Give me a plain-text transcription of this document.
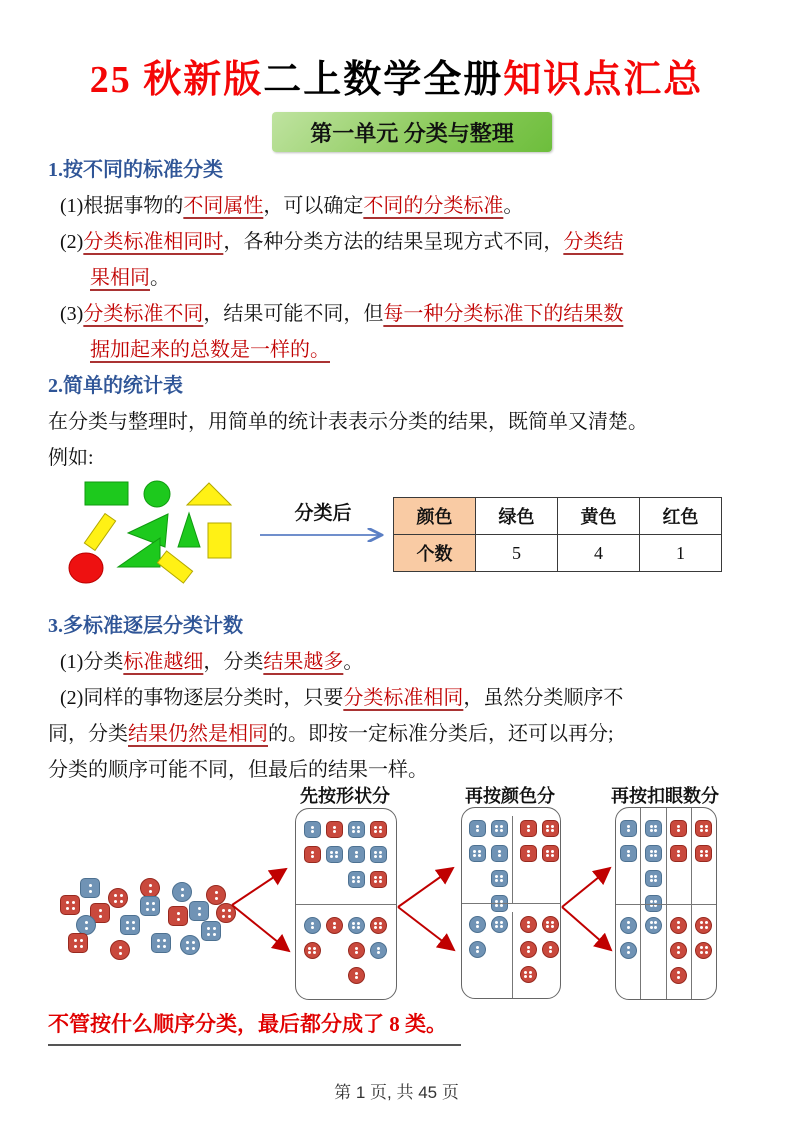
25 秋新版二上数学全册知识点汇总
第一单元 分类与整理

1.按不同的标准分类

(1)根据事物的不同属性，可以确定不同的分类标准。

(2)分类标准相同时，各种分类方法的结果呈现方式不同，分类结

果相同。

(3)分类标准不同，结果可能不同，但每一种分类标准下的结果数

据加起来的总数是一样的。

2.简单的统计表

在分类与整理时，用简单的统计表表示分类的结果，既简单又清楚。

例如:

分类后	颜色	绿色	黄色	红色
个数	5	4	1

3.多标准逐层分类计数

(1)分类标准越细，分类结果越多。

(2)同样的事物逐层分类时，只要分类标准相同，虽然分类顺序不

同，分类结果仍然是相同的。即按一定标准分类后，还可以再分;

分类的顺序可能不同，但最后的结果一样。

先按形状分	再按颜色分	再按扣眼数分

不管按什么顺序分类，最后都分成了 8 类。

第 1 页, 共 45 页
